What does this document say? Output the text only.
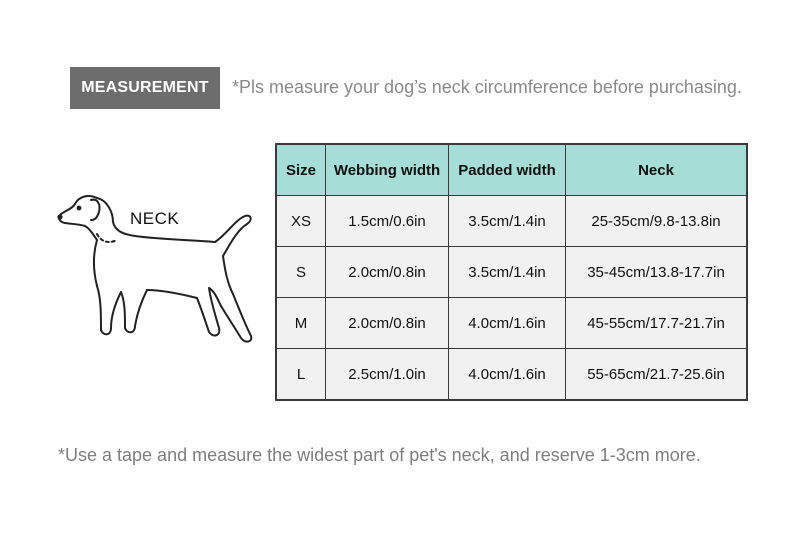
MEASUREMENT	*Pls measure your dog’s neck circumference before purchasing.
NECK
Size	Webbing width	Padded width	Neck
XS	1.5cm/0.6in	3.5cm/1.4in	25-35cm/9.8-13.8in
S	2.0cm/0.8in	3.5cm/1.4in	35-45cm/13.8-17.7in
M	2.0cm/0.8in	4.0cm/1.6in	45-55cm/17.7-21.7in
L	2.5cm/1.0in	4.0cm/1.6in	55-65cm/21.7-25.6in
*Use a tape and measure the widest part of pet's neck, and reserve 1-3cm more.
